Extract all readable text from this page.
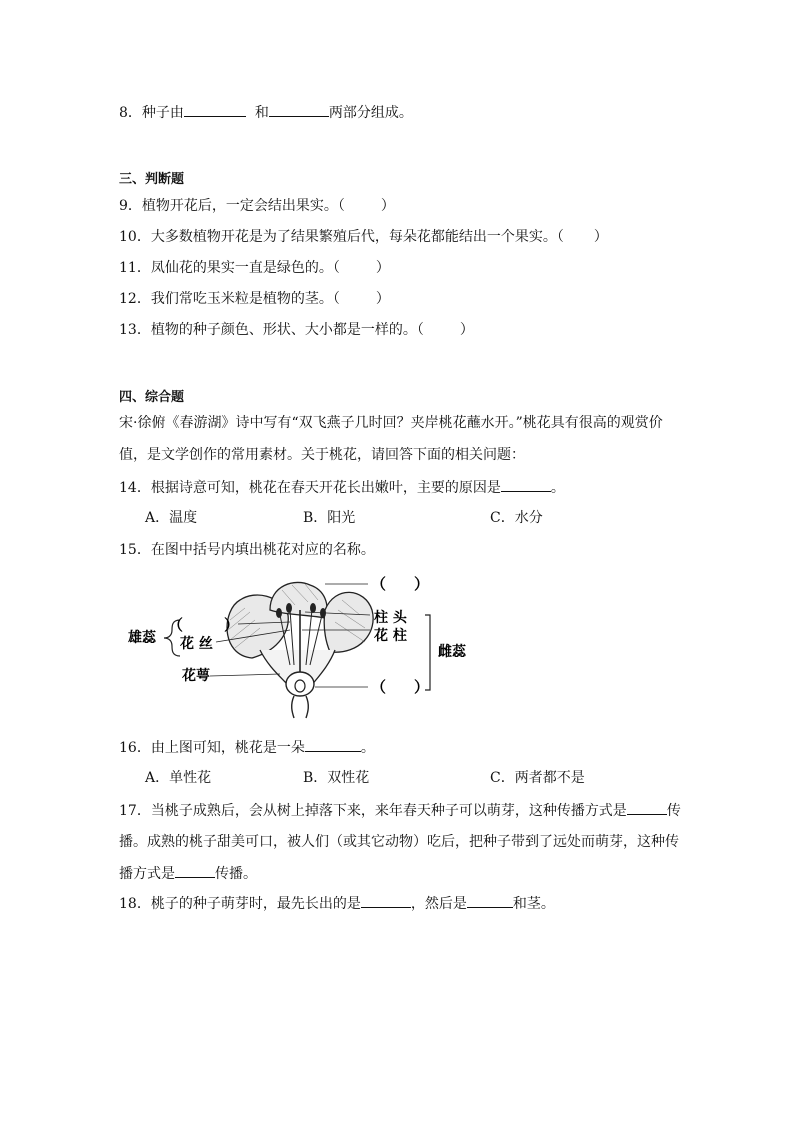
8．种子由	和	两部分组成。
三、判断题
9．植物开花后，一定会结出果实。（	）
10．大多数植物开花是为了结果繁殖后代，每朵花都能结出一个果实。（ ）
11．凤仙花的果实一直是绿色的。（	）
12．我们常吃玉米粒是植物的茎。（	）
13．植物的种子颜色、形状、大小都是一样的。（	）
四、综合题
宋·徐俯《春游湖》诗中写有“双飞燕子几时回？夹岸桃花蘸水开。”桃花具有很高的观赏价
值，是文学创作的常用素材。关于桃花，请回答下面的相关问题：
14．根据诗意可知，桃花在春天开花长出嫩叶，主要的原因是	。
A．温度	B．阳光	C．水分
15．在图中括号内填出桃花对应的名称。
（ ）
雄蕊
（	）
花 丝
柱 头
花 柱
雌蕊
花萼
（ ）
16．由上图可知，桃花是一朵	。
A．单性花	B．双性花	C．两者都不是
17．当桃子成熟后，会从树上掉落下来，来年春天种子可以萌芽，这种传播方式是	传
播。成熟的桃子甜美可口，被人们（或其它动物）吃后，把种子带到了远处而萌芽，这种传
播方式是	传播。
18．桃子的种子萌芽时，最先长出的是	，然后是	和茎。
